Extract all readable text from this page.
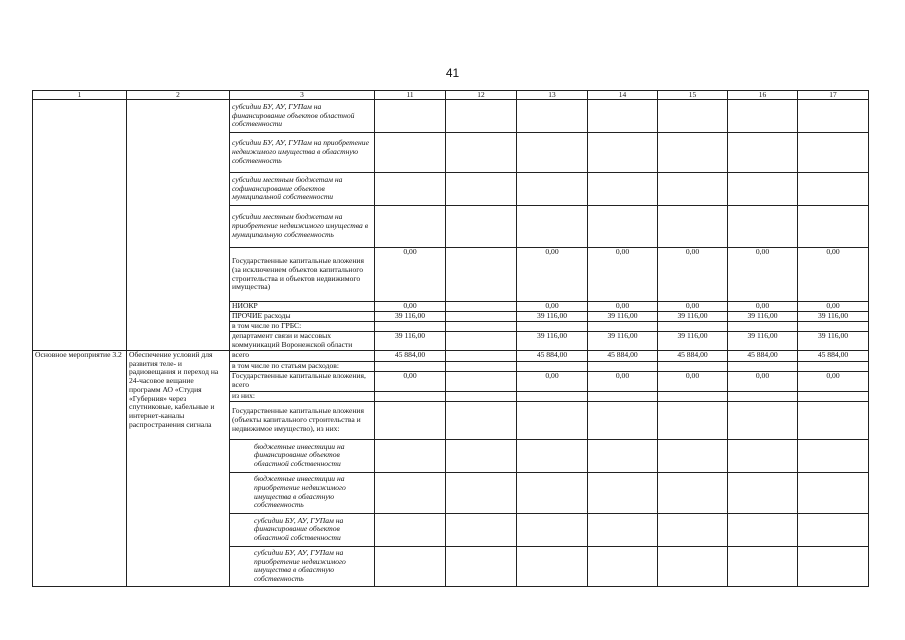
41
1	2	3	11	12	13	14	15	16	17
		субсидии БУ, АУ, ГУПам на финансирование объектов областной собственности							
		субсидии БУ, АУ, ГУПам на приобретение недвижимого имущества в областную собственность							
		субсидии местным бюджетам на софинансирование объектов муниципальной собственности							
		субсидии местным бюджетам на приобретение недвижимого имущества в муниципальную собственность							
		Государственные капитальные вложения (за исключением объектов капитального строительства и объектов недвижимого имущества)	0,00		0,00	0,00	0,00	0,00	0,00
		НИОКР	0,00		0,00	0,00	0,00	0,00	0,00
		ПРОЧИЕ расходы	39 116,00		39 116,00	39 116,00	39 116,00	39 116,00	39 116,00
		в том числе по ГРБС:							
		департамент связи и массовых коммуникаций Воронежской области	39 116,00		39 116,00	39 116,00	39 116,00	39 116,00	39 116,00
Основное мероприятие 3.2	Обеспечение условий для развития теле- и радиовещания и переход на 24-часовое вещание программ АО «Студия «Губерния» через спутниковые, кабельные и интернет-каналы распространения сигнала	всего	45 884,00		45 884,00	45 884,00	45 884,00	45 884,00	45 884,00
		в том числе по статьям расходов:							
		Государственные капитальные вложения, всего	0,00		0,00	0,00	0,00	0,00	0,00
		из них:							
		Государственные капитальные вложения (объекты капитального строительства и недвижимое имущество), из них:							
		бюджетные инвестиции на финансирование объектов областной собственности							
		бюджетные инвестиции на приобретение недвижимого имущества в областную собственность							
		субсидии БУ, АУ, ГУПам на финансирование объектов областной собственности							
		субсидии БУ, АУ, ГУПам на приобретение недвижимого имущества в областную собственность							
